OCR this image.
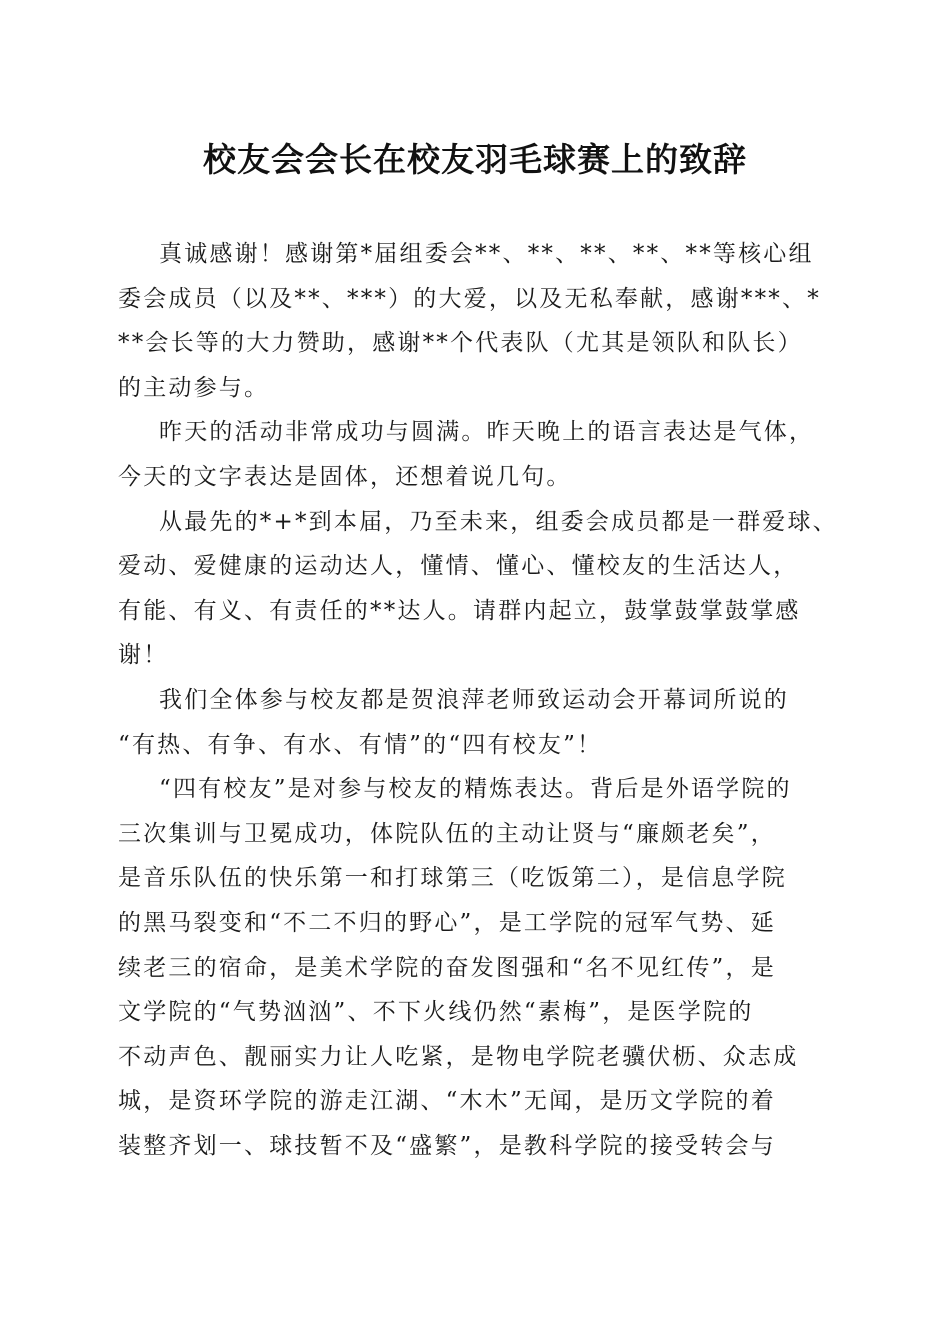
校友会会长在校友羽毛球赛上的致辞
真诚感谢！感谢第*届组委会**、**、**、**、**等核心组
委会成员（以及**、***）的大爱，以及无私奉献，感谢***、*
**会长等的大力赞助，感谢**个代表队（尤其是领队和队长）
的主动参与。
昨天的活动非常成功与圆满。昨天晚上的语言表达是气体，
今天的文字表达是固体，还想着说几句。
从最先的*+*到本届，乃至未来，组委会成员都是一群爱球、
爱动、爱健康的运动达人，懂情、懂心、懂校友的生活达人，
有能、有义、有责任的**达人。请群内起立，鼓掌鼓掌鼓掌感
谢！
我们全体参与校友都是贺浪萍老师致运动会开幕词所说的
“有热、有争、有水、有情”的“四有校友”！
“四有校友”是对参与校友的精炼表达。背后是外语学院的
三次集训与卫冕成功，体院队伍的主动让贤与“廉颇老矣”，
是音乐队伍的快乐第一和打球第三（吃饭第二），是信息学院
的黑马裂变和“不二不归的野心”，是工学院的冠军气势、延
续老三的宿命，是美术学院的奋发图强和“名不见红传”，是
文学院的“气势汹汹”、不下火线仍然“素梅”，是医学院的
不动声色、靓丽实力让人吃紧，是物电学院老骥伏枥、众志成
城，是资环学院的游走江湖、“木木”无闻，是历文学院的着
装整齐划一、球技暂不及“盛繁”，是教科学院的接受转会与
